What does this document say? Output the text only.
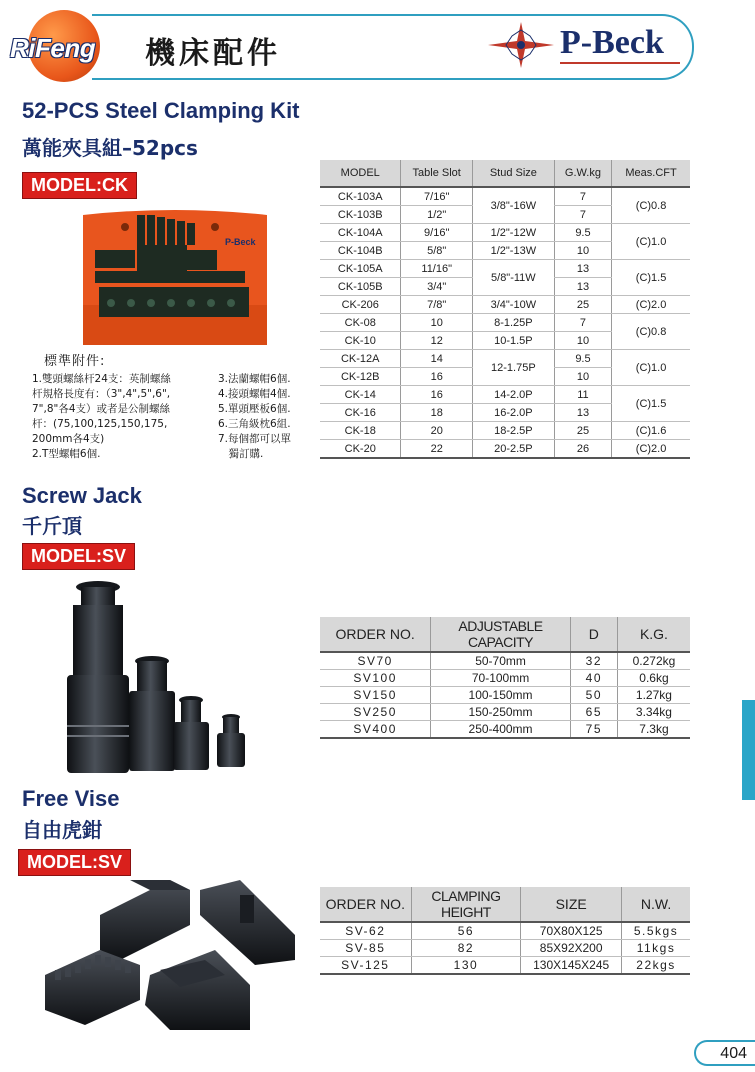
RiFeng 機床配件	P-Beck
52-PCS Steel Clamping Kit
萬能夾具組–52pcs
MODEL:CK
P-Beck
標準附件:
1.雙頭螺絲杆24支：英制螺絲
杆規格長度有：（3",4",5",6",
7",8"各4支）或者是公制螺絲
杆：(75,100,125,150,175,
200mm各4支)
2.T型螺帽6個.
3.法蘭螺帽6個.
4.接頭螺帽4個.
5.單頭壓板6個.
6.三角級枕6組.
7.每個都可以單
　獨訂購.
MODEL	Table Slot	Stud Size	G.W.kg	Meas.CFT
CK-103A	7/16"	3/8"-16W	7	(C)0.8
CK-103B	1/2"		7	
CK-104A	9/16"	1/2"-12W	9.5	(C)1.0
CK-104B	5/8"	1/2"-13W	10	
CK-105A	11/16"	5/8"-11W	13	(C)1.5
CK-105B	3/4"		13	
CK-206	7/8"	3/4"-10W	25	(C)2.0
CK-08	10	8-1.25P	7	(C)0.8
CK-10	12	10-1.5P	10	
CK-12A	14	12-1.75P	9.5	(C)1.0
CK-12B	16		10	
CK-14	16	14-2.0P	11	(C)1.5
CK-16	18	16-2.0P	13	
CK-18	20	18-2.5P	25	(C)1.6
CK-20	22	20-2.5P	26	(C)2.0
Screw Jack
千斤頂
MODEL:SV
ORDER NO.	ADJUSTABLE CAPACITY	D	K.G.
SV70	50-70mm	32	0.272kg
SV100	70-100mm	40	0.6kg
SV150	100-150mm	50	1.27kg
SV250	150-250mm	65	3.34kg
SV400	250-400mm	75	7.3kg
Free Vise
自由虎鉗
MODEL:SV
ORDER NO.	CLAMPING HEIGHT	SIZE	N.W.
SV-62	56	70X80X125	5.5kgs
SV-85	82	85X92X200	11kgs
SV-125	130	130X145X245	22kgs
404
